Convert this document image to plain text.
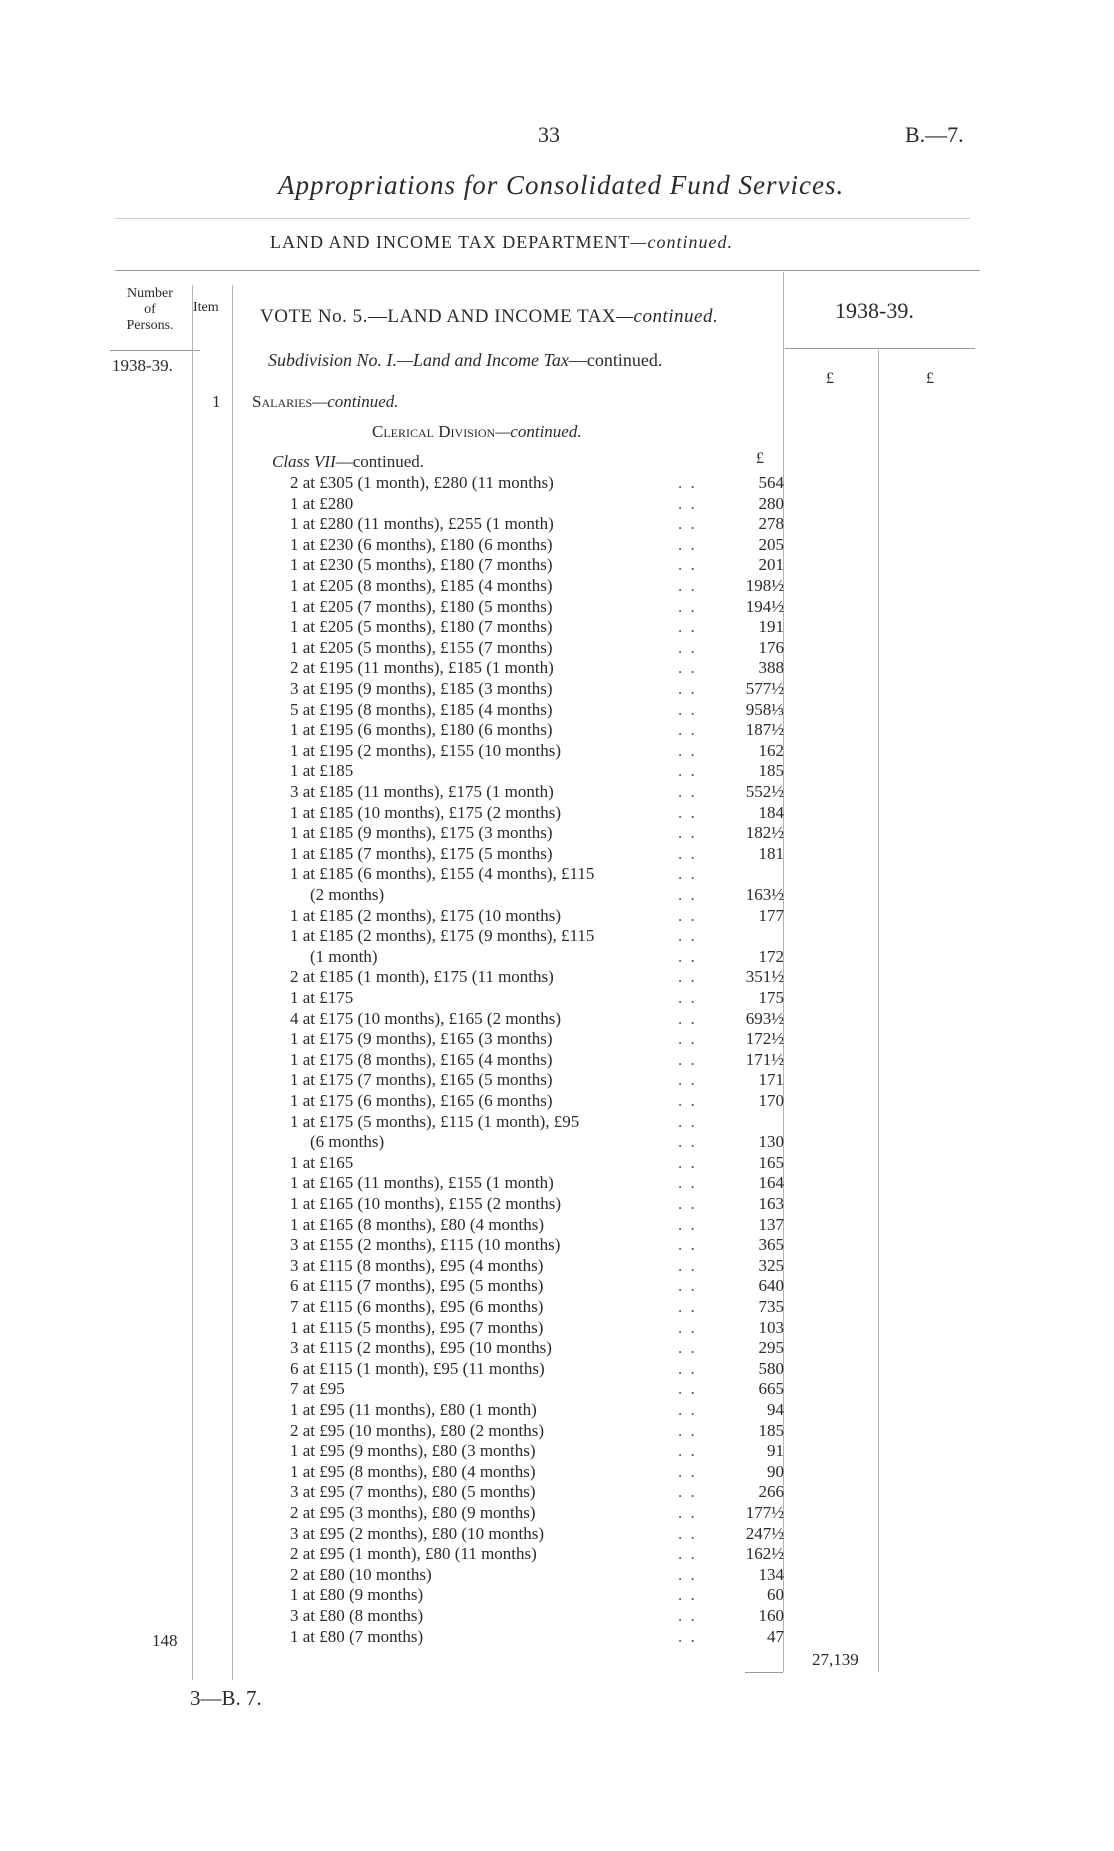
33	B.—7.
Appropriations for Consolidated Fund Services.
LAND AND INCOME TAX DEPARTMENT—continued.
Number
of
Persons.
Item
1938-39.
1938-39.
£	£
VOTE No. 5.—LAND AND INCOME TAX—continued.
Subdivision No. I.—Land and Income Tax—continued.
1 Salaries—continued.
Clerical Division—continued.
Class VII—continued.	£
2 at £305 (1 month), £280 (11 months)	. .	564
1 at £280	. .	280
1 at £280 (11 months), £255 (1 month)	. .	278
1 at £230 (6 months), £180 (6 months)	. .	205
1 at £230 (5 months), £180 (7 months)	. .	201
1 at £205 (8 months), £185 (4 months)	. .	198½
1 at £205 (7 months), £180 (5 months)	. .	194½
1 at £205 (5 months), £180 (7 months)	. .	191
1 at £205 (5 months), £155 (7 months)	. .	176
2 at £195 (11 months), £185 (1 month)	. .	388
3 at £195 (9 months), £185 (3 months)	. .	577½
5 at £195 (8 months), £185 (4 months)	. .	958⅓
1 at £195 (6 months), £180 (6 months)	. .	187½
1 at £195 (2 months), £155 (10 months)	. .	162
1 at £185	. .	185
3 at £185 (11 months), £175 (1 month)	. .	552½
1 at £185 (10 months), £175 (2 months)	. .	184
1 at £185 (9 months), £175 (3 months)	. .	182½
1 at £185 (7 months), £175 (5 months)	. .	181
1 at £185 (6 months), £155 (4 months), £115	. .
(2 months)	. .	163½
1 at £185 (2 months), £175 (10 months)	. .	177
1 at £185 (2 months), £175 (9 months), £115	. .
(1 month)	. .	172
2 at £185 (1 month), £175 (11 months)	. .	351½
1 at £175	. .	175
4 at £175 (10 months), £165 (2 months)	. .	693½
1 at £175 (9 months), £165 (3 months)	. .	172½
1 at £175 (8 months), £165 (4 months)	. .	171½
1 at £175 (7 months), £165 (5 months)	. .	171
1 at £175 (6 months), £165 (6 months)	. .	170
1 at £175 (5 months), £115 (1 month), £95	. .
(6 months)	. .	130
1 at £165	. .	165
1 at £165 (11 months), £155 (1 month)	. .	164
1 at £165 (10 months), £155 (2 months)	. .	163
1 at £165 (8 months), £80 (4 months)	. .	137
3 at £155 (2 months), £115 (10 months)	. .	365
3 at £115 (8 months), £95 (4 months)	. .	325
6 at £115 (7 months), £95 (5 months)	. .	640
7 at £115 (6 months), £95 (6 months)	. .	735
1 at £115 (5 months), £95 (7 months)	. .	103
3 at £115 (2 months), £95 (10 months)	. .	295
6 at £115 (1 month), £95 (11 months)	. .	580
7 at £95	. .	665
1 at £95 (11 months), £80 (1 month)	. .	94
2 at £95 (10 months), £80 (2 months)	. .	185
1 at £95 (9 months), £80 (3 months)	. .	91
1 at £95 (8 months), £80 (4 months)	. .	90
3 at £95 (7 months), £80 (5 months)	. .	266
2 at £95 (3 months), £80 (9 months)	. .	177½
3 at £95 (2 months), £80 (10 months)	. .	247½
2 at £95 (1 month), £80 (11 months)	. .	162½
2 at £80 (10 months)	. .	134
1 at £80 (9 months)	. .	60
3 at £80 (8 months)	. .	160
1 at £80 (7 months)	. .	47
148
27,139
3—B. 7.
